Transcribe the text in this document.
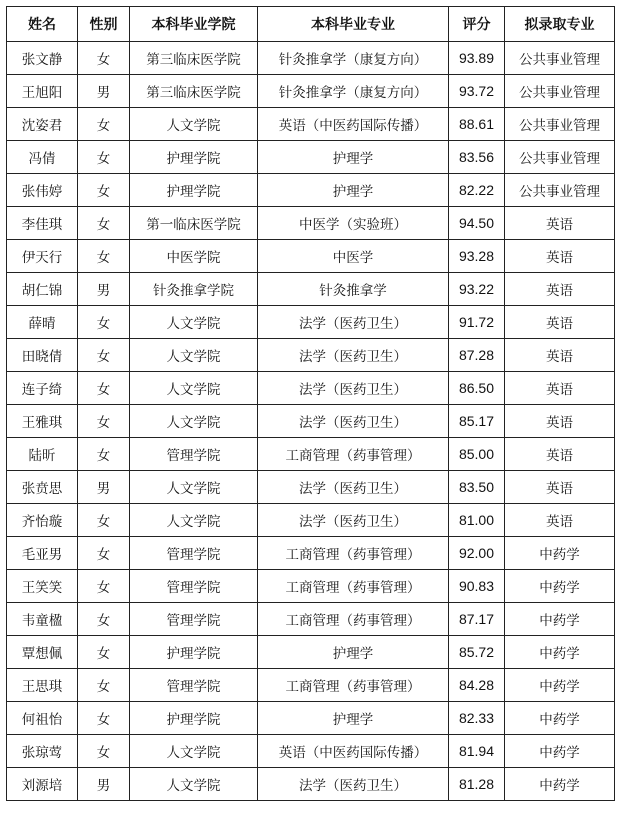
姓名	性别	本科毕业学院	本科毕业专业	评分	拟录取专业
张文静	女	第三临床医学院	针灸推拿学（康复方向）	93.89	公共事业管理
王旭阳	男	第三临床医学院	针灸推拿学（康复方向）	93.72	公共事业管理
沈姿君	女	人文学院	英语（中医药国际传播）	88.61	公共事业管理
冯倩	女	护理学院	护理学	83.56	公共事业管理
张伟婷	女	护理学院	护理学	82.22	公共事业管理
李佳琪	女	第一临床医学院	中医学（实验班）	94.50	英语
伊天行	女	中医学院	中医学	93.28	英语
胡仁锦	男	针灸推拿学院	针灸推拿学	93.22	英语
薛晴	女	人文学院	法学（医药卫生）	91.72	英语
田晓倩	女	人文学院	法学（医药卫生）	87.28	英语
连子绮	女	人文学院	法学（医药卫生）	86.50	英语
王雅琪	女	人文学院	法学（医药卫生）	85.17	英语
陆昕	女	管理学院	工商管理（药事管理）	85.00	英语
张贲思	男	人文学院	法学（医药卫生）	83.50	英语
齐怡璇	女	人文学院	法学（医药卫生）	81.00	英语
毛亚男	女	管理学院	工商管理（药事管理）	92.00	中药学
王笑笑	女	管理学院	工商管理（药事管理）	90.83	中药学
韦童楹	女	管理学院	工商管理（药事管理）	87.17	中药学
覃想佩	女	护理学院	护理学	85.72	中药学
王思琪	女	管理学院	工商管理（药事管理）	84.28	中药学
何祖怡	女	护理学院	护理学	82.33	中药学
张琼莺	女	人文学院	英语（中医药国际传播）	81.94	中药学
刘源培	男	人文学院	法学（医药卫生）	81.28	中药学
